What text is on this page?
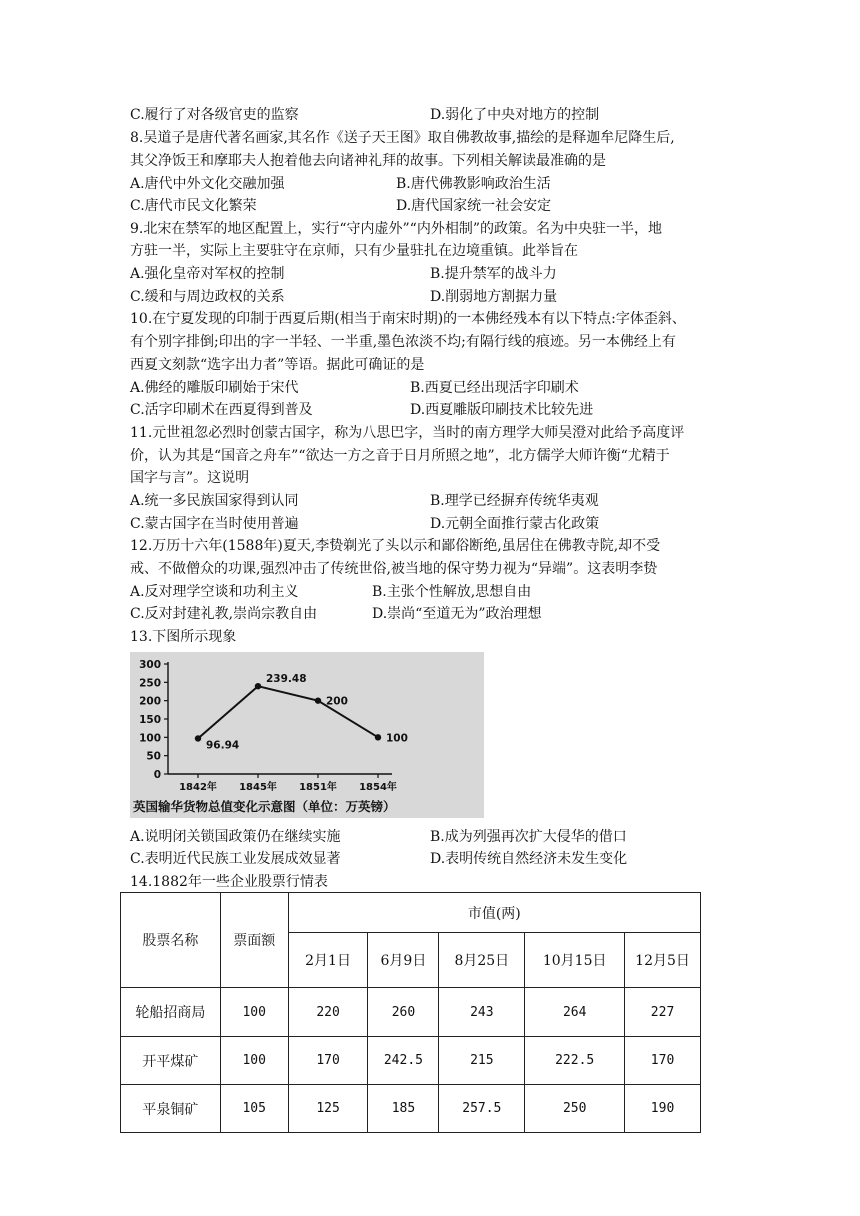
C.履行了对各级官吏的监察	D.弱化了中央对地方的控制
8.吴道子是唐代著名画家,其名作《送子天王图》取自佛教故事,描绘的是释迦牟尼降生后,
其父净饭王和摩耶夫人抱着他去向诸神礼拜的故事。下列相关解读最准确的是
A.唐代中外文化交融加强	B.唐代佛教影响政治生活
C.唐代市民文化繁荣	D.唐代国家统一社会安定
9.北宋在禁军的地区配置上，实行“守内虚外”“内外相制”的政策。名为中央驻一半，地
方驻一半，实际上主要驻守在京师，只有少量驻扎在边境重镇。此举旨在
A.强化皇帝对军权的控制	B.提升禁军的战斗力
C.缓和与周边政权的关系	D.削弱地方割据力量
10.在宁夏发现的印制于西夏后期(相当于南宋时期)的一本佛经残本有以下特点:字体歪斜、
有个别字排倒;印出的字一半轻、一半重,墨色浓淡不均;有隔行线的痕迹。另一本佛经上有
西夏文刻款“选字出力者”等语。据此可确证的是
A.佛经的雕版印刷始于宋代	B.西夏已经出现活字印刷术
C.活字印刷术在西夏得到普及	D.西夏雕版印刷技术比较先进
11.元世祖忽必烈时创蒙古国字，称为八思巴字，当时的南方理学大师吴澄对此给予高度评
价，认为其是“国音之舟车”“欲达一方之音于日月所照之地”，北方儒学大师许衡“尤精于
国字与言”。这说明
A.统一多民族国家得到认同	B.理学已经摒弃传统华夷观
C.蒙古国字在当时使用普遍	D.元朝全面推行蒙古化政策
12.万历十六年(1588年)夏天,李贽剃光了头以示和鄙俗断绝,虽居住在佛教寺院,却不受
戒、不做僧众的功课,强烈冲击了传统世俗,被当地的保守势力视为“异端”。这表明李贽
A.反对理学空谈和功利主义	B.主张个性解放,思想自由
C.反对封建礼教,崇尚宗教自由	D.崇尚“至道无为”政治理想
13.下图所示现象
0
50
100
150
200
250
300
1842年 1845年 1851年 1854年
96.94
239.48
200
100
英国输华货物总值变化示意图（单位：万英镑）
A.说明闭关锁国政策仍在继续实施	B.成为列强再次扩大侵华的借口
C.表明近代民族工业发展成效显著	D.表明传统自然经济未发生变化
14.1882年一些企业股票行情表
股票名称	票面额	市值(两)				
		2月1日	6月9日	8月25日	10月15日	12月5日
轮船招商局	100	220	260	243	264	227
开平煤矿	100	170	242.5	215	222.5	170
平泉铜矿	105	125	185	257.5	250	190
